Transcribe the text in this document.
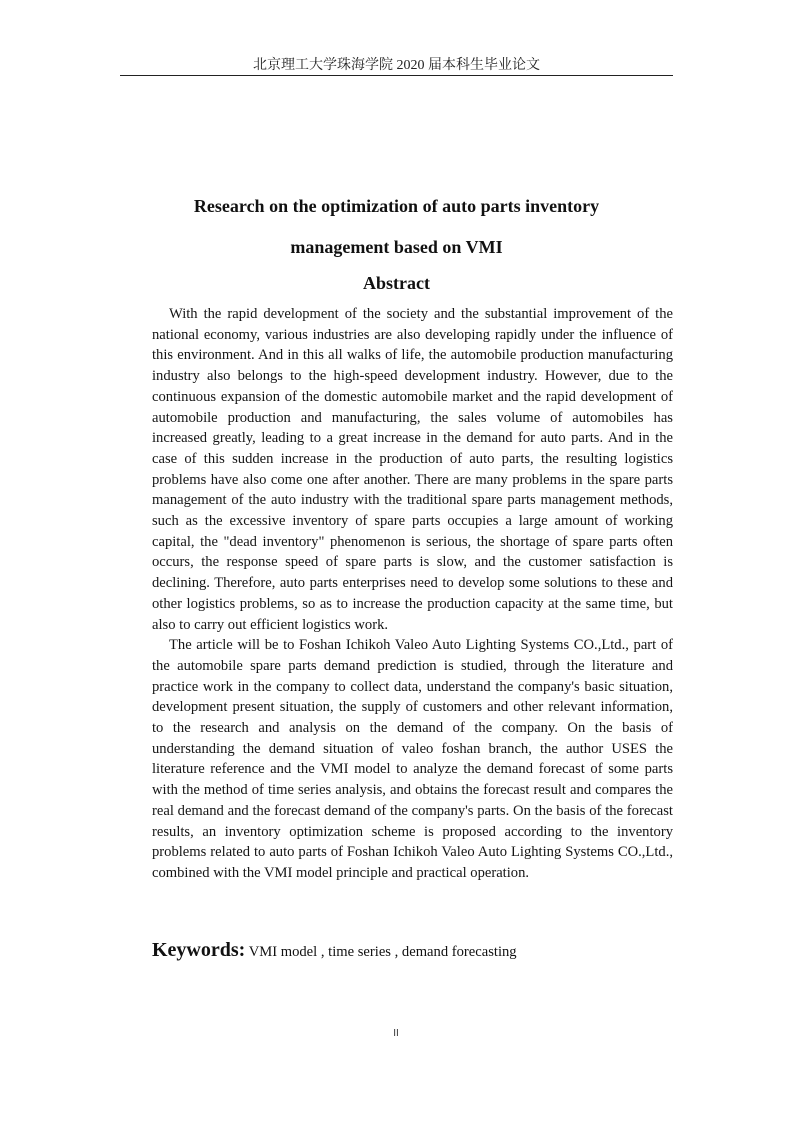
北京理工大学珠海学院 2020 届本科生毕业论文
Research on the optimization of auto parts inventory
management based on VMI
Abstract

With the rapid development of the society and the substantial improvement of the national economy, various industries are also developing rapidly under the influence of this environment. And in this all walks of life, the automobile production manufacturing industry also belongs to the high-speed development industry. However, due to the continuous expansion of the domestic automobile market and the rapid development of automobile production and manufacturing, the sales volume of automobiles has increased greatly, leading to a great increase in the demand for auto parts. And in the case of this sudden increase in the production of auto parts, the resulting logistics problems have also come one after another. There are many problems in the spare parts management of the auto industry with the traditional spare parts management methods, such as the excessive inventory of spare parts occupies a large amount of working capital, the "dead inventory" phenomenon is serious, the shortage of spare parts often occurs, the response speed of spare parts is slow, and the customer satisfaction is declining. Therefore, auto parts enterprises need to develop some solutions to these and other logistics problems, so as to increase the production capacity at the same time, but also to carry out efficient logistics work.

The article will be to Foshan Ichikoh Valeo Auto Lighting Systems CO.,Ltd., part of the automobile spare parts demand prediction is studied, through the literature and practice work in the company to collect data, understand the company's basic situation, development present situation, the supply of customers and other relevant information, to the research and analysis on the demand of the company. On the basis of understanding the demand situation of valeo foshan branch, the author USES the literature reference and the VMI model to analyze the demand forecast of some parts with the method of time series analysis, and obtains the forecast result and compares the real demand and the forecast demand of the company's parts. On the basis of the forecast results, an inventory optimization scheme is proposed according to the inventory problems related to auto parts of Foshan Ichikoh Valeo Auto Lighting Systems CO.,Ltd., combined with the VMI model principle and practical operation.

Keywords: VMI model , time series , demand forecasting
II
